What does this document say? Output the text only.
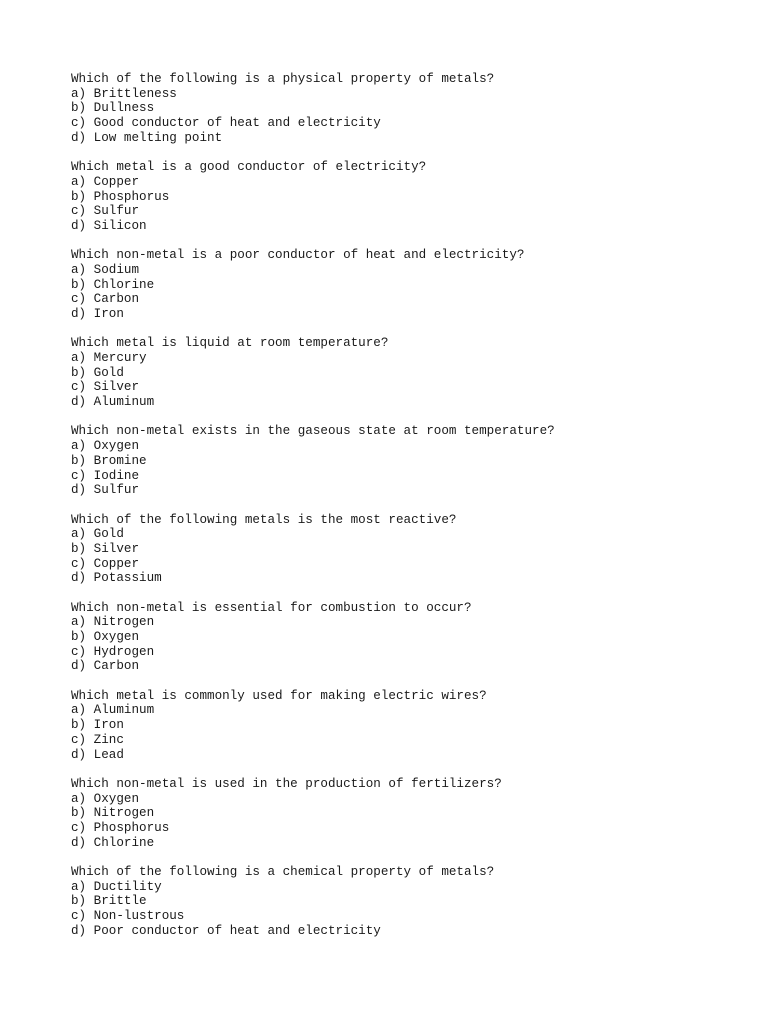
Which of the following is a physical property of metals?
a) Brittleness
b) Dullness
c) Good conductor of heat and electricity
d) Low melting point
Which metal is a good conductor of electricity?
a) Copper
b) Phosphorus
c) Sulfur
d) Silicon
Which non-metal is a poor conductor of heat and electricity?
a) Sodium
b) Chlorine
c) Carbon
d) Iron
Which metal is liquid at room temperature?
a) Mercury
b) Gold
c) Silver
d) Aluminum
Which non-metal exists in the gaseous state at room temperature?
a) Oxygen
b) Bromine
c) Iodine
d) Sulfur
Which of the following metals is the most reactive?
a) Gold
b) Silver
c) Copper
d) Potassium
Which non-metal is essential for combustion to occur?
a) Nitrogen
b) Oxygen
c) Hydrogen
d) Carbon
Which metal is commonly used for making electric wires?
a) Aluminum
b) Iron
c) Zinc
d) Lead
Which non-metal is used in the production of fertilizers?
a) Oxygen
b) Nitrogen
c) Phosphorus
d) Chlorine
Which of the following is a chemical property of metals?
a) Ductility
b) Brittle
c) Non-lustrous
d) Poor conductor of heat and electricity
